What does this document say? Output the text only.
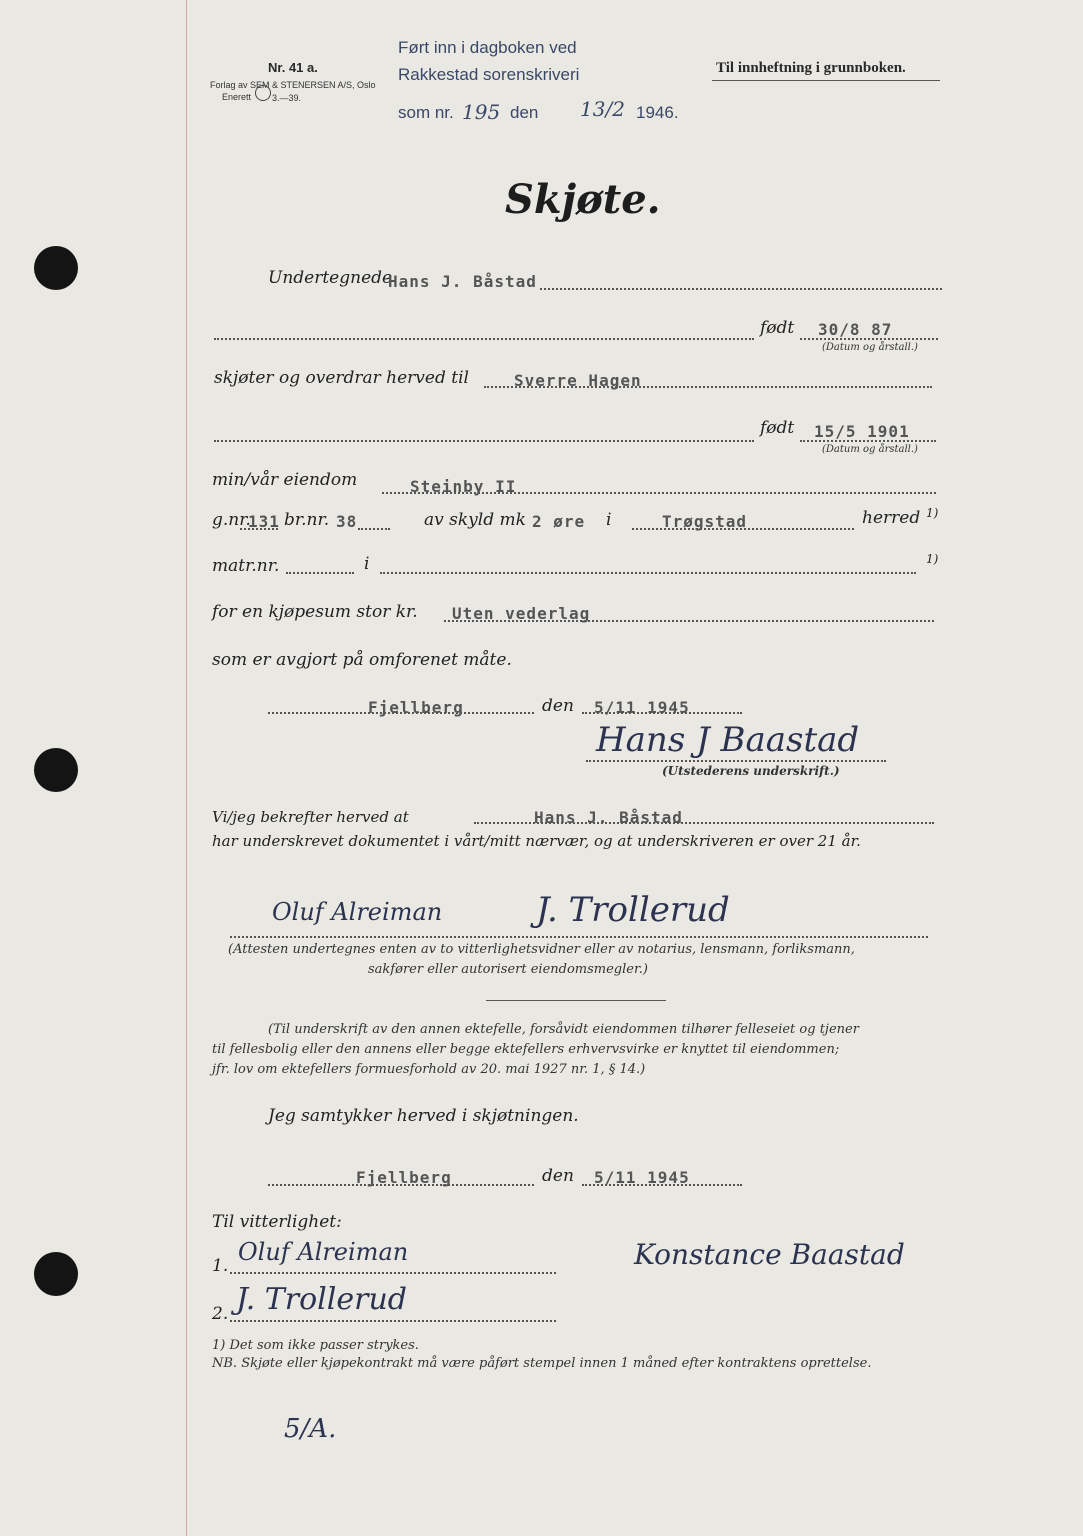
Nr. 41 a.
Forlag av SEM & STENERSEN A/S, Oslo
Enerett 3.—39.
Ført inn i dagboken ved
Rakkestad sorenskriveri
som nr. 195 den 13/2 1946.
Til innheftning i grunnboken.
Skjøte.
Undertegnede
Hans J. Båstad
født 30/8 87
(Datum og årstall.)
skjøter og overdrar herved til	Sverre Hagen
født 15/5 1901
(Datum og årstall.)
min/vår eiendom	Steinby II
g.nr.
131 br.nr. 38	av skyld mk 2 øre i	Trøgstad	herred 1)
matr.nr.	i	1)
for en kjøpesum stor kr. Uten vederlag
som er avgjort på omforenet måte.
Fjellberg	den 5/11 1945
Hans J Baastad
(Utstederens underskrift.)
Vi/jeg bekrefter herved at	Hans J. Båstad
har underskrevet dokumentet i vårt/mitt nærvær, og at underskriveren er over 21 år.
Oluf Alreiman	J. Trollerud
(Attesten undertegnes enten av to vitterlighetsvidner eller av notarius, lensmann, forliksmann,
sakfører eller autorisert eiendomsmegler.)
(Til underskrift av den annen ektefelle, forsåvidt eiendommen tilhører felleseiet og tjener
til fellesbolig eller den annens eller begge ektefellers erhvervsvirke er knyttet til eiendommen;
jfr. lov om ektefellers formuesforhold av 20. mai 1927 nr. 1, § 14.)
Jeg samtykker herved i skjøtningen.
Fjellberg	den 5/11 1945
Til vitterlighet:
1. Oluf Alreiman
2. J. Trollerud
Konstance Baastad
1) Det som ikke passer strykes.
NB. Skjøte eller kjøpekontrakt må være påført stempel innen 1 måned efter kontraktens oprettelse.
5/A.
